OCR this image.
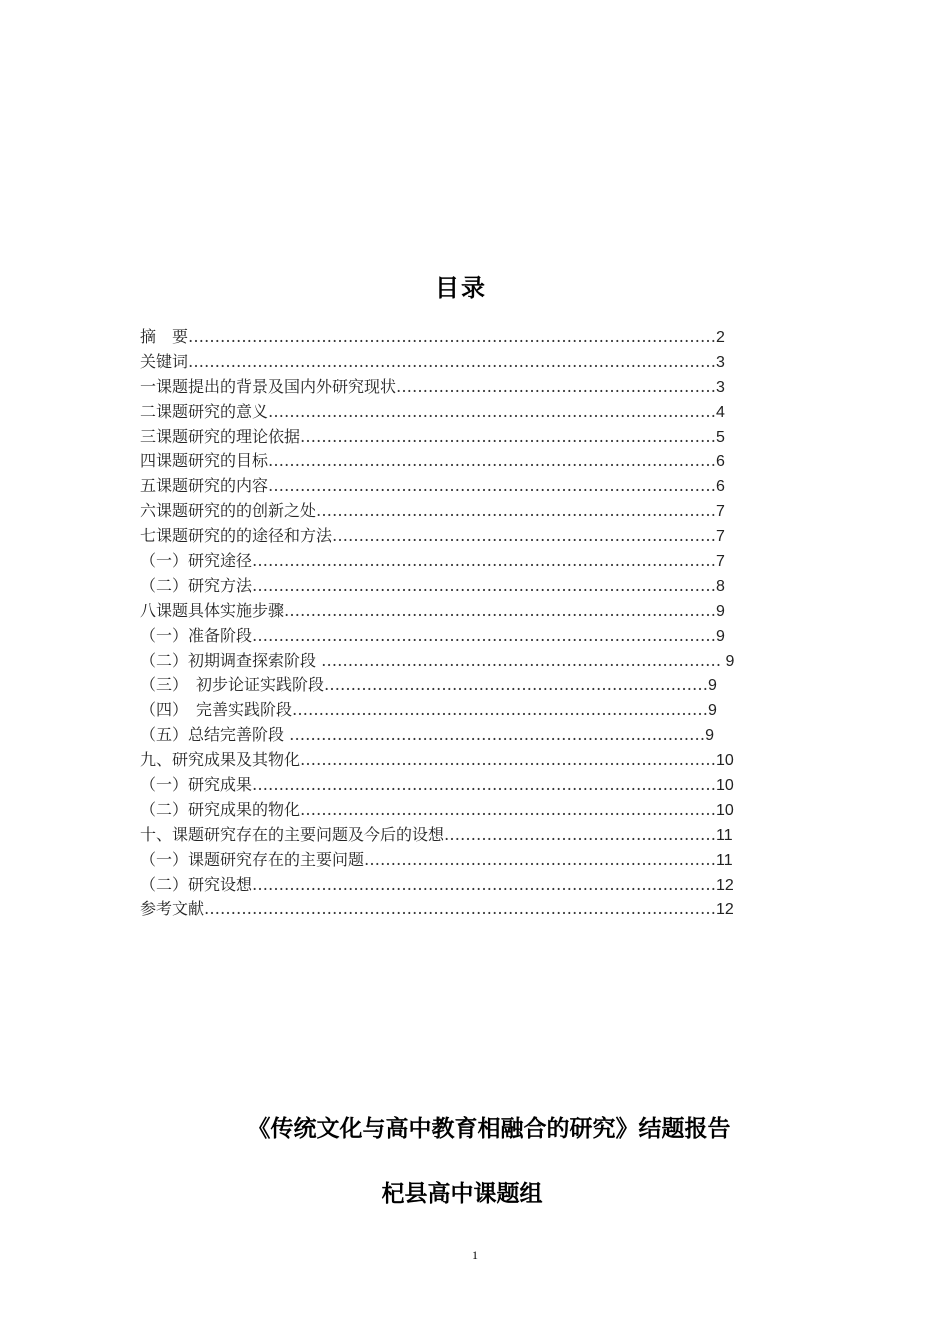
目录
摘　要………………………………………………………………………………………2
关键词………………………………………………………………………………………3
一课题提出的背景及国内外研究现状……………………………………………………3
二课题研究的意义…………………………………………………………………………4
三课题研究的理论依据……………………………………………………………………5
四课题研究的目标…………………………………………………………………………6
五课题研究的内容…………………………………………………………………………6
六课题研究的的创新之处…………………………………………………………………7
七课题研究的的途径和方法………………………………………………………………7
（一）研究途径……………………………………………………………………………7
（二）研究方法……………………………………………………………………………8
八课题具体实施步骤………………………………………………………………………9
（一）准备阶段……………………………………………………………………………9
（二）初期调查探索阶段 ………………………………………………………………… 9
（三）　初步论证实践阶段………………………………………………………………9
（四）　完善实践阶段……………………………………………………………………9
（五）总结完善阶段 ……………………………………………………………………9
九、研究成果及其物化……………………………………………………………………10
（一）研究成果……………………………………………………………………………10
（二）研究成果的物化……………………………………………………………………10
十、课题研究存在的主要问题及今后的设想……………………………………………11
（一）课题研究存在的主要问题…………………………………………………………11
（二）研究设想……………………………………………………………………………12
参考文献……………………………………………………………………………………12
《传统文化与高中教育相融合的研究》结题报告
杞县高中课题组
1
